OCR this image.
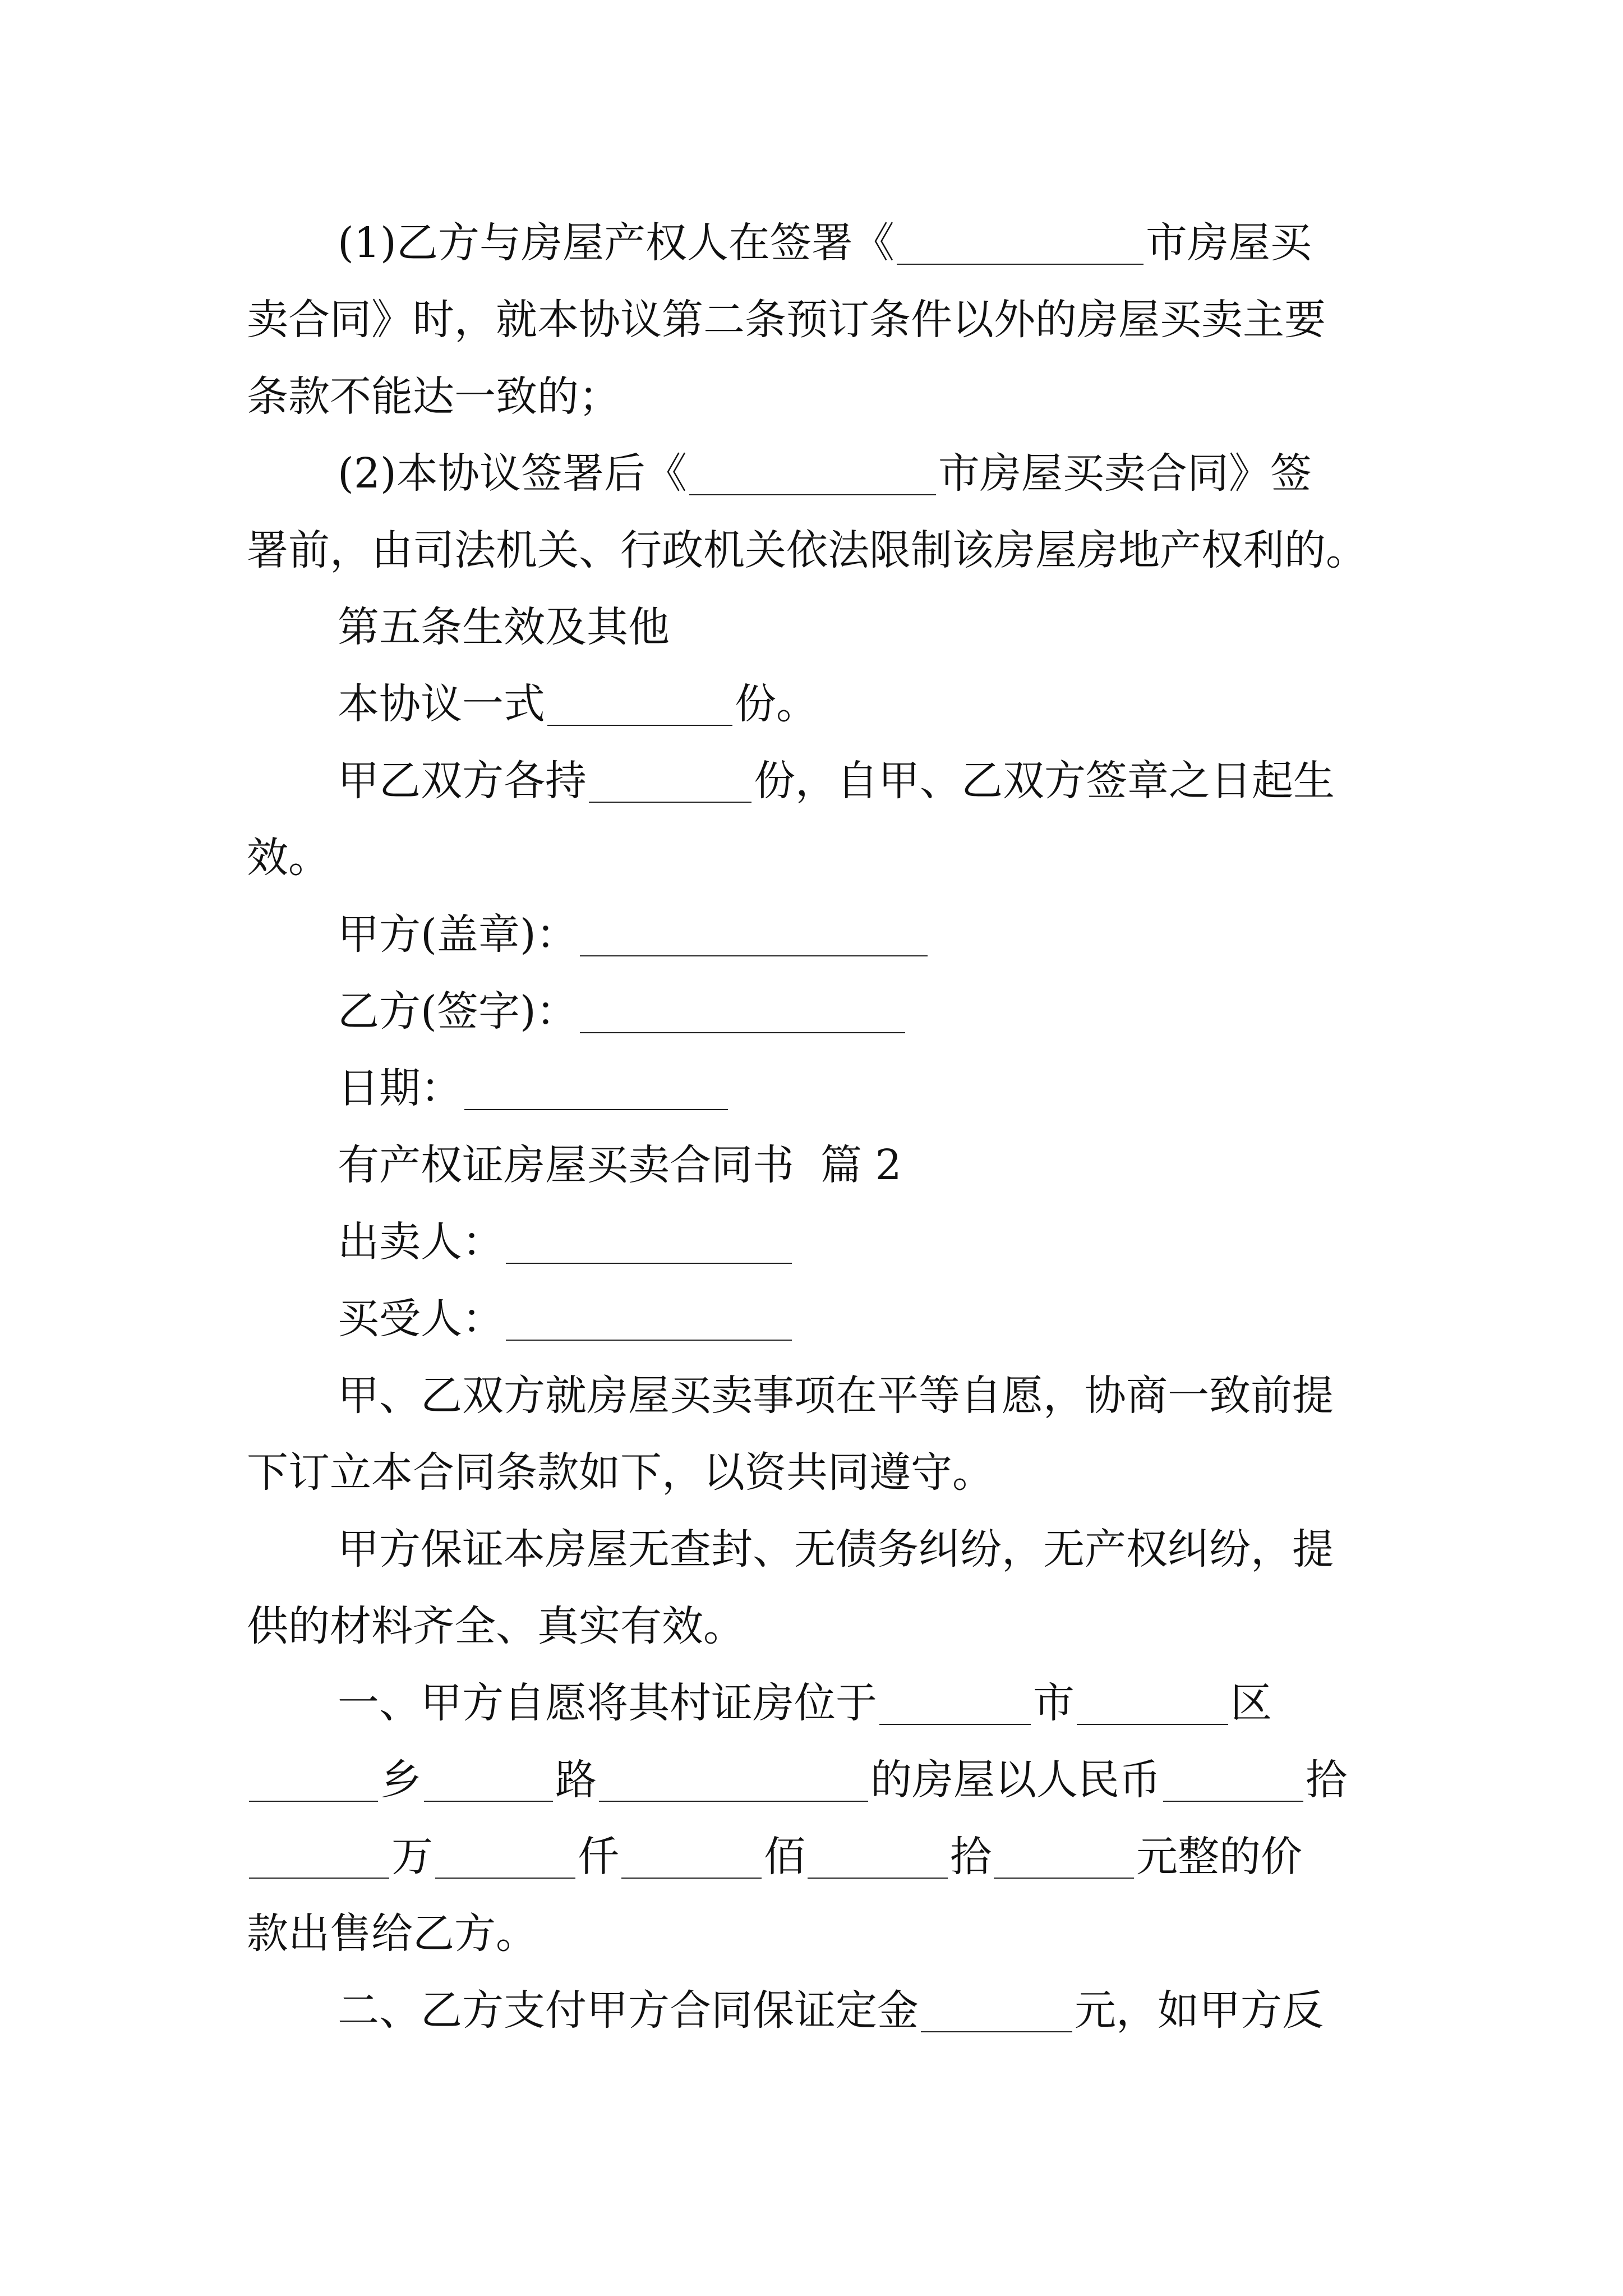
(1)乙方与房屋产权人在签署《	市房屋买
卖合同》时，就本协议第二条预订条件以外的房屋买卖主要
条款不能达一致的；
(2)本协议签署后《	市房屋买卖合同》签
署前，由司法机关、行政机关依法限制该房屋房地产权利的。
第五条生效及其他
本协议一式	份。
甲乙双方各持	份，自甲、乙双方签章之日起生
效。
甲方(盖章)：
乙方(签字)：
日期：
有产权证房屋买卖合同书  篇 2
出卖人：
买受人：
甲、乙双方就房屋买卖事项在平等自愿，协商一致前提
下订立本合同条款如下，以资共同遵守。
甲方保证本房屋无查封、无债务纠纷，无产权纠纷，提
供的材料齐全、真实有效。
一、甲方自愿将其村证房位于	市	区
乡	路	的房屋以人民币	拾
万	仟	佰	拾	元整的价
款出售给乙方。
二、乙方支付甲方合同保证定金	元，如甲方反
